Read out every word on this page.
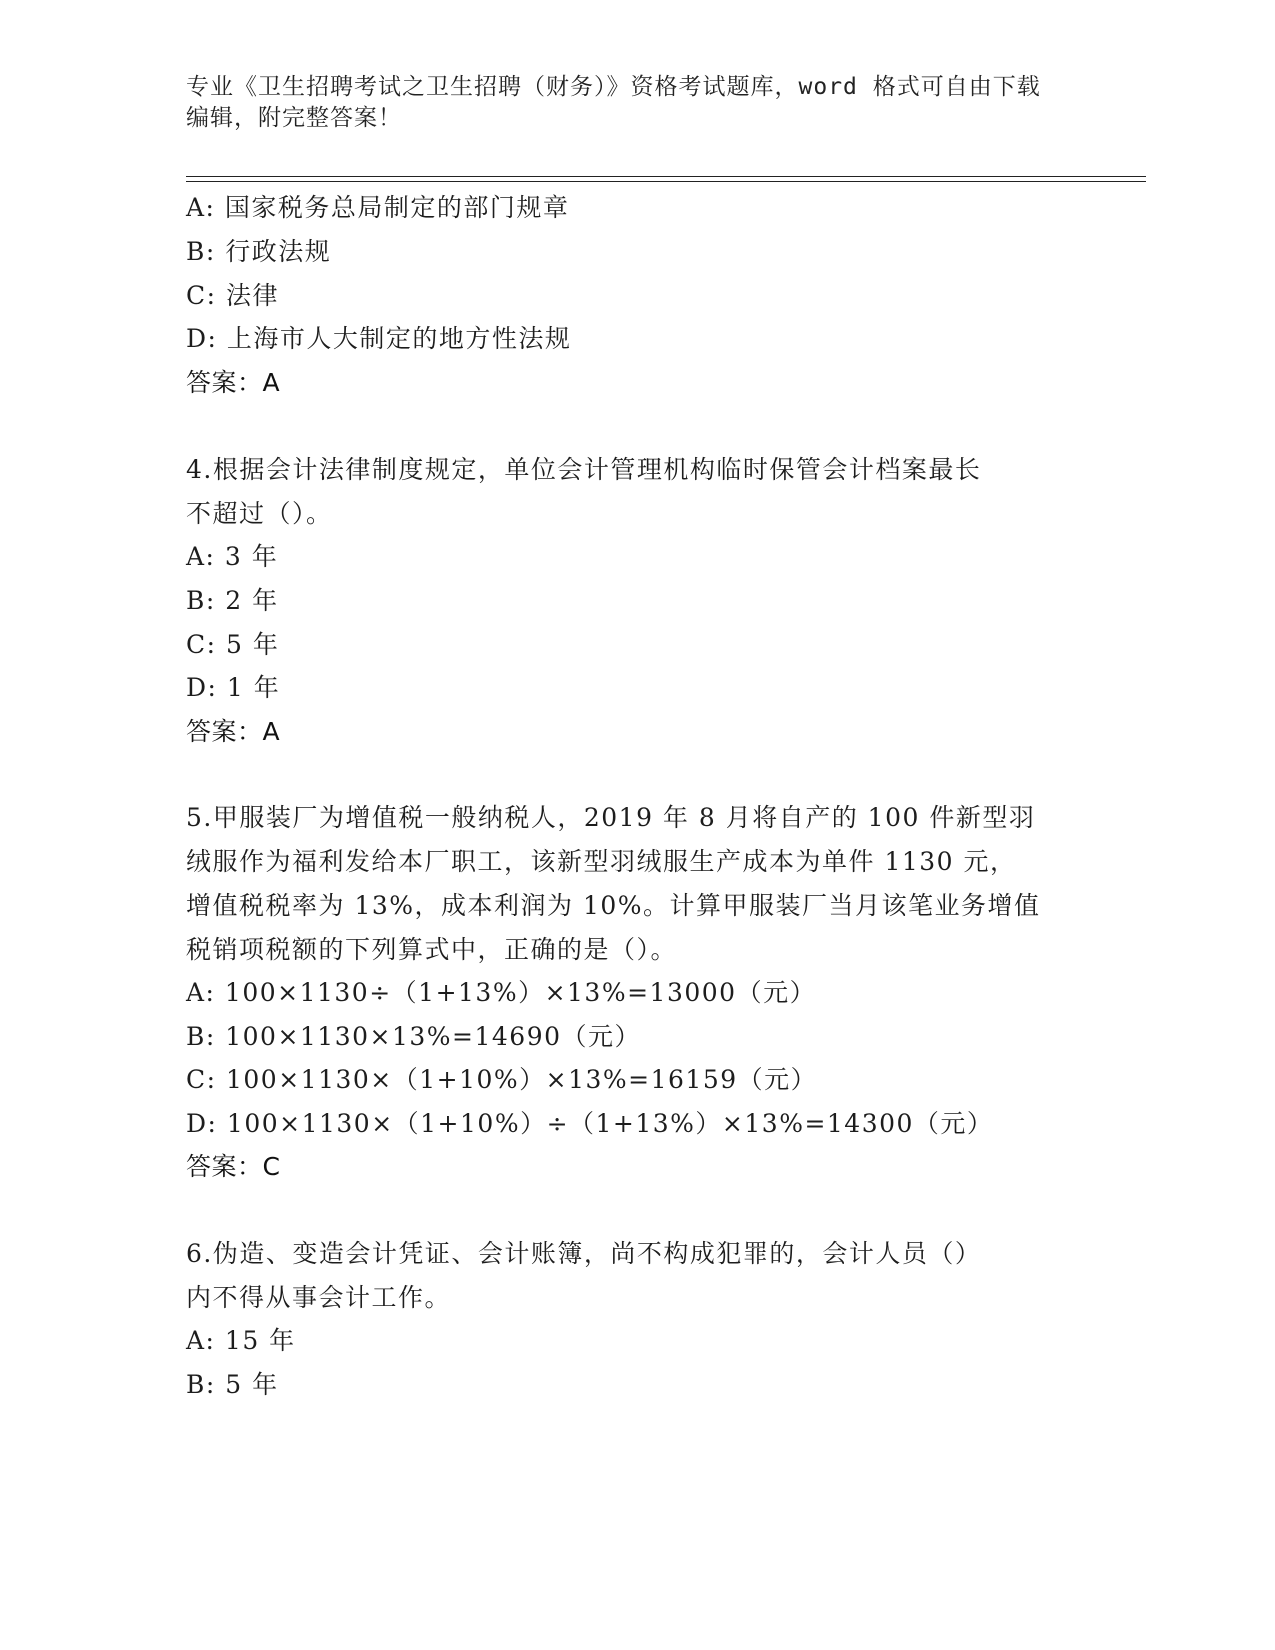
专业《卫生招聘考试之卫生招聘（财务）》资格考试题库，word 格式可自由下载
编辑，附完整答案！
A: 国家税务总局制定的部门规章
B: 行政法规
C: 法律
D: 上海市人大制定的地方性法规
答案：A
4.根据会计法律制度规定，单位会计管理机构临时保管会计档案最长
不超过（）。
A: 3 年
B: 2 年
C: 5 年
D: 1 年
答案：A
5.甲服装厂为增值税一般纳税人，2019 年 8 月将自产的 100 件新型羽
绒服作为福利发给本厂职工，该新型羽绒服生产成本为单件 1130 元，
增值税税率为 13%，成本利润为 10%。计算甲服装厂当月该笔业务增值
税销项税额的下列算式中，正确的是（）。
A: 100×1130÷（1+13%）×13%=13000（元）
B: 100×1130×13%=14690（元）
C: 100×1130×（1+10%）×13%=16159（元）
D: 100×1130×（1+10%）÷（1+13%）×13%=14300（元）
答案：C
6.伪造、变造会计凭证、会计账簿，尚不构成犯罪的，会计人员（）
内不得从事会计工作。
A: 15 年
B: 5 年
